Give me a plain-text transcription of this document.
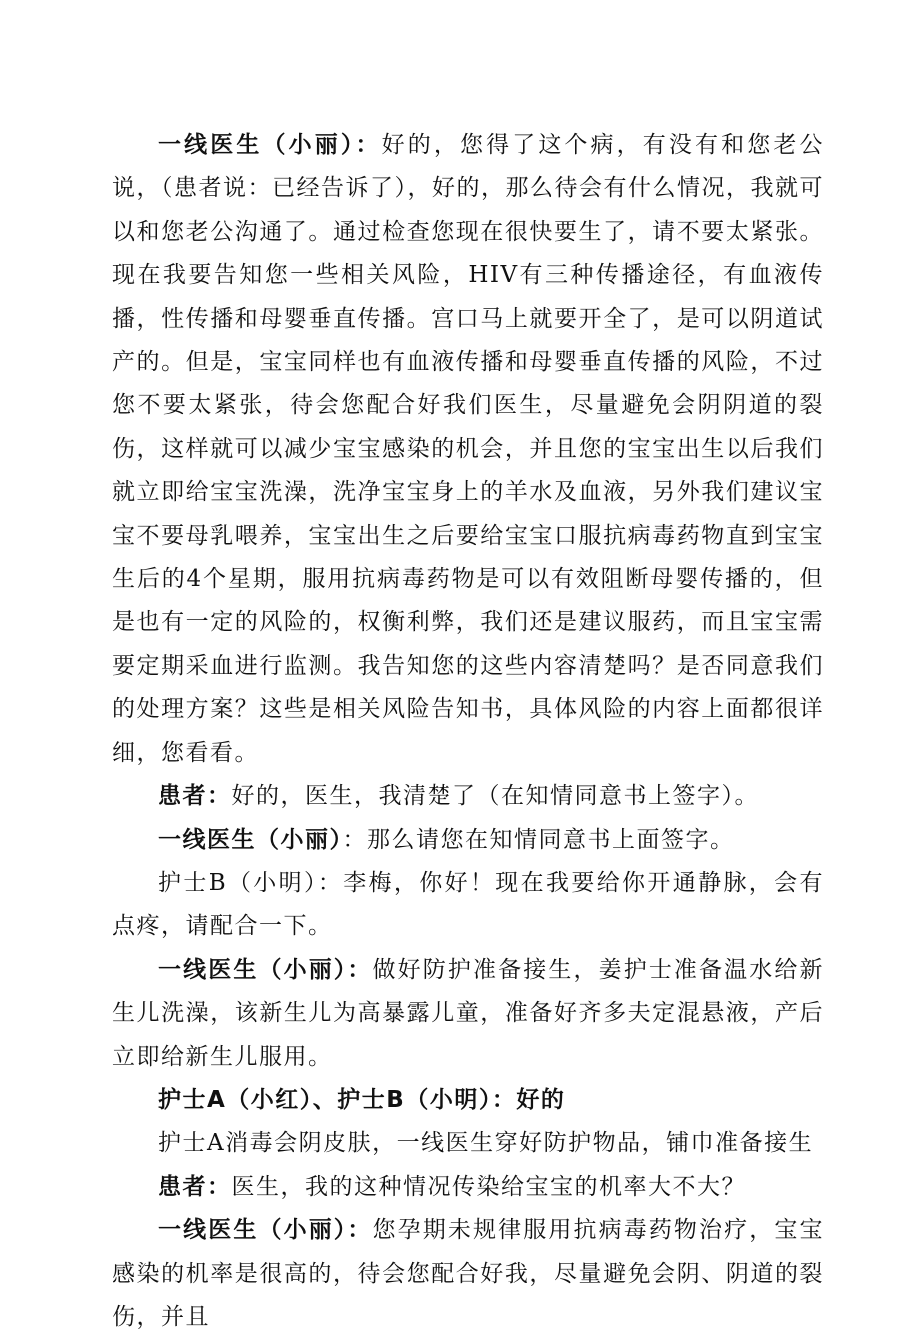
一线医生（小丽）：好的，您得了这个病，有没有和您老公说，（患者说：已经告诉了），好的，那么待会有什么情况，我就可以和您老公沟通了。通过检查您现在很快要生了，请不要太紧张。现在我要告知您一些相关风险，HIV有三种传播途径，有血液传播，性传播和母婴垂直传播。宫口马上就要开全了，是可以阴道试产的。但是，宝宝同样也有血液传播和母婴垂直传播的风险，不过您不要太紧张，待会您配合好我们医生，尽量避免会阴阴道的裂伤，这样就可以减少宝宝感染的机会，并且您的宝宝出生以后我们就立即给宝宝洗澡，洗净宝宝身上的羊水及血液，另外我们建议宝宝不要母乳喂养，宝宝出生之后要给宝宝口服抗病毒药物直到宝宝生后的4个星期，服用抗病毒药物是可以有效阻断母婴传播的，但是也有一定的风险的，权衡利弊，我们还是建议服药，而且宝宝需要定期采血进行监测。我告知您的这些内容清楚吗？是否同意我们的处理方案？这些是相关风险告知书，具体风险的内容上面都很详细，您看看。

患者：好的，医生，我清楚了（在知情同意书上签字）。

一线医生（小丽）：那么请您在知情同意书上面签字。

护士B（小明）：李梅，你好！现在我要给你开通静脉，会有点疼，请配合一下。

一线医生（小丽）：做好防护准备接生，姜护士准备温水给新生儿洗澡，该新生儿为高暴露儿童，准备好齐多夫定混悬液，产后立即给新生儿服用。

护士A（小红）、护士B（小明）：好的

护士A消毒会阴皮肤，一线医生穿好防护物品，铺巾准备接生

患者：医生，我的这种情况传染给宝宝的机率大不大？

一线医生（小丽）：您孕期未规律服用抗病毒药物治疗，宝宝感染的机率是很高的，待会您配合好我，尽量避免会阴、阴道的裂伤，并且
